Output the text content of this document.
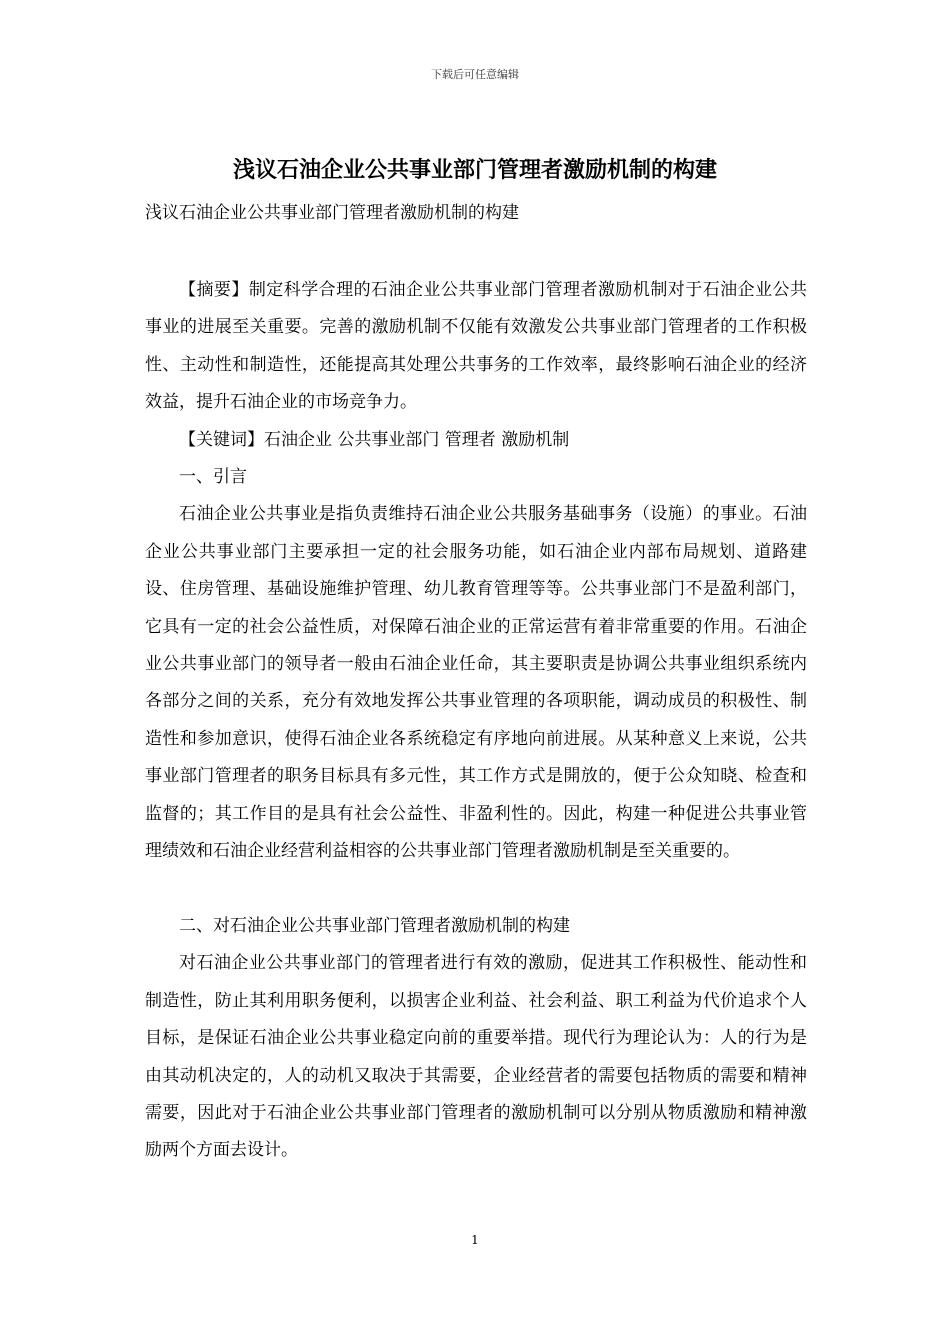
下载后可任意编辑
浅议石油企业公共事业部门管理者激励机制的构建
浅议石油企业公共事业部门管理者激励机制的构建

【摘要】制定科学合理的石油企业公共事业部门管理者激励机制对于石油企业公共事业的进展至关重要。完善的激励机制不仅能有效激发公共事业部门管理者的工作积极性、主动性和制造性，还能提高其处理公共事务的工作效率，最终影响石油企业的经济效益，提升石油企业的市场竞争力。

【关键词】石油企业 公共事业部门 管理者 激励机制

一、引言

石油企业公共事业是指负责维持石油企业公共服务基础事务（设施）的事业。石油企业公共事业部门主要承担一定的社会服务功能，如石油企业内部布局规划、道路建设、住房管理、基础设施维护管理、幼儿教育管理等等。公共事业部门不是盈利部门，它具有一定的社会公益性质，对保障石油企业的正常运营有着非常重要的作用。石油企业公共事业部门的领导者一般由石油企业任命，其主要职责是协调公共事业组织系统内各部分之间的关系，充分有效地发挥公共事业管理的各项职能，调动成员的积极性、制造性和参加意识，使得石油企业各系统稳定有序地向前进展。从某种意义上来说，公共事业部门管理者的职务目标具有多元性，其工作方式是開放的，便于公众知晓、检查和监督的；其工作目的是具有社会公益性、非盈利性的。因此，构建一种促进公共事业管理绩效和石油企业经营利益相容的公共事业部门管理者激励机制是至关重要的。

二、对石油企业公共事业部门管理者激励机制的构建

对石油企业公共事业部门的管理者进行有效的激励，促进其工作积极性、能动性和制造性，防止其利用职务便利，以损害企业利益、社会利益、职工利益为代价追求个人目标，是保证石油企业公共事业稳定向前的重要举措。现代行为理论认为：人的行为是由其动机决定的，人的动机又取决于其需要，企业经营者的需要包括物质的需要和精神需要，因此对于石油企业公共事业部门管理者的激励机制可以分别从物质激励和精神激励两个方面去设计。

1
